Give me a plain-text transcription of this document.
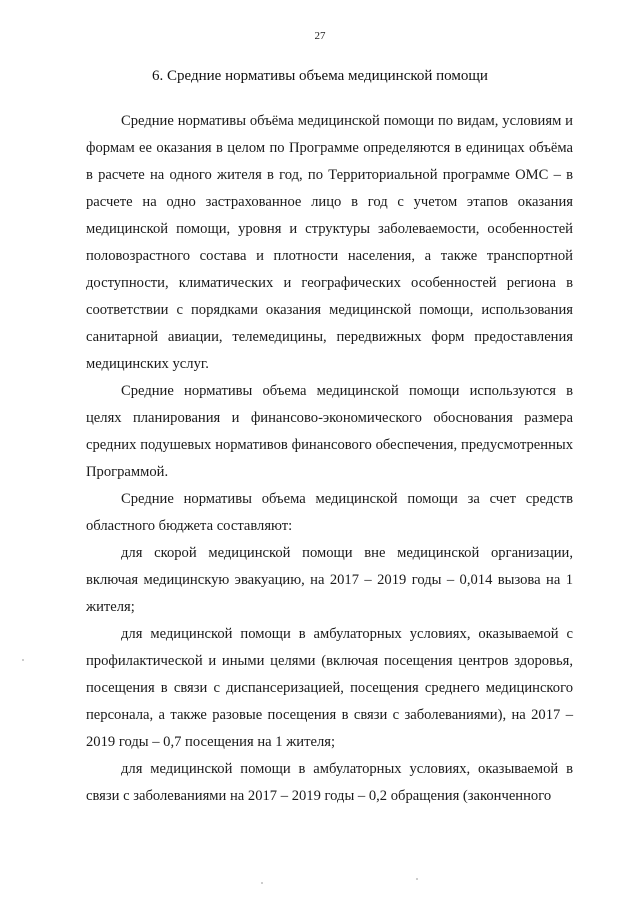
27
6. Средние нормативы объема медицинской помощи

Средние нормативы объёма медицинской помощи по видам, условиям и формам ее оказания в целом по Программе определяются в единицах объёма в расчете на одного жителя в год, по Территориальной программе ОМС – в расчете на одно застрахованное лицо в год с учетом этапов оказания медицинской помощи, уровня и структуры заболеваемости, особенностей половозрастного состава и плотности населения, а также транспортной доступности, климатических и географических особенностей региона в соответствии с порядками оказания медицинской помощи, использования санитарной авиации, телемедицины, передвижных форм предоставления медицинских услуг.

Средние нормативы объема медицинской помощи используются в целях планирования и финансово-экономического обоснования размера средних подушевых нормативов финансового обеспечения, предусмотренных Программой.

Средние нормативы объема медицинской помощи за счет средств областного бюджета составляют:

для скорой медицинской помощи вне медицинской организации, включая медицинскую эвакуацию, на 2017 – 2019 годы – 0,014 вызова на 1 жителя;

для медицинской помощи в амбулаторных условиях, оказываемой с профилактической и иными целями (включая посещения центров здоровья, посещения в связи с диспансеризацией, посещения среднего медицинского персонала, а также разовые посещения в связи с заболеваниями), на 2017 – 2019 годы – 0,7 посещения на 1 жителя;

для медицинской помощи в амбулаторных условиях, оказываемой в связи с заболеваниями на 2017 – 2019 годы – 0,2 обращения (законченного
